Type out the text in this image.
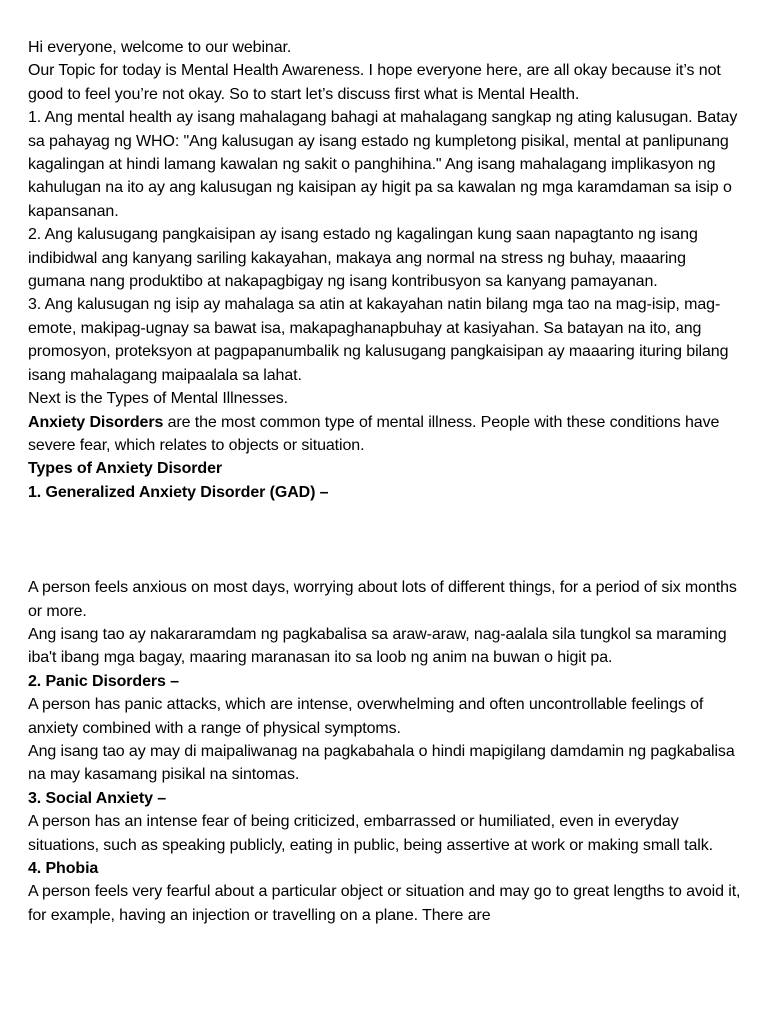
Hi everyone, welcome to our webinar.

Our Topic for today is Mental Health Awareness. I hope everyone here, are all okay because it’s not good to feel you’re not okay. So to start let’s discuss first what is Mental Health.

1. Ang mental health ay isang mahalagang bahagi at mahalagang sangkap ng ating kalusugan. Batay sa pahayag ng WHO: "Ang kalusugan ay isang estado ng kumpletong pisikal, mental at panlipunang kagalingan at hindi lamang kawalan ng sakit o panghihina." Ang isang mahalagang implikasyon ng kahulugan na ito ay ang kalusugan ng kaisipan ay higit pa sa kawalan ng mga karamdaman sa isip o kapansanan.

2. Ang kalusugang pangkaisipan ay isang estado ng kagalingan kung saan napagtanto ng isang indibidwal ang kanyang sariling kakayahan, makaya ang normal na stress ng buhay, maaaring gumana nang produktibo at nakapagbigay ng isang kontribusyon sa kanyang pamayanan.

3. Ang kalusugan ng isip ay mahalaga sa atin at kakayahan natin bilang mga tao na mag-isip, mag-emote, makipag-ugnay sa bawat isa, makapaghanapbuhay at kasiyahan. Sa batayan na ito, ang promosyon, proteksyon at pagpapanumbalik ng kalusugang pangkaisipan ay maaaring ituring bilang isang mahalagang maipaalala sa lahat.

Next is the Types of Mental Illnesses.

Anxiety Disorders are the most common type of mental illness. People with these conditions have severe fear, which relates to objects or situation.

Types of Anxiety Disorder

1. Generalized Anxiety Disorder (GAD) –

A person feels anxious on most days, worrying about lots of different things, for a period of six months or more.

Ang isang tao ay nakararamdam ng pagkabalisa sa araw-araw, nag-aalala sila tungkol sa maraming iba't ibang mga bagay, maaring maranasan ito sa loob ng anim na buwan o higit pa.

2. Panic Disorders –

A person has panic attacks, which are intense, overwhelming and often uncontrollable feelings of anxiety combined with a range of physical symptoms.

Ang isang tao ay may di maipaliwanag na pagkabahala o hindi mapigilang damdamin ng pagkabalisa na may kasamang pisikal na sintomas.

3. Social Anxiety –

A person has an intense fear of being criticized, embarrassed or humiliated, even in everyday situations, such as speaking publicly, eating in public, being assertive at work or making small talk.

4. Phobia

A person feels very fearful about a particular object or situation and may go to great lengths to avoid it, for example, having an injection or travelling on a plane. There are
